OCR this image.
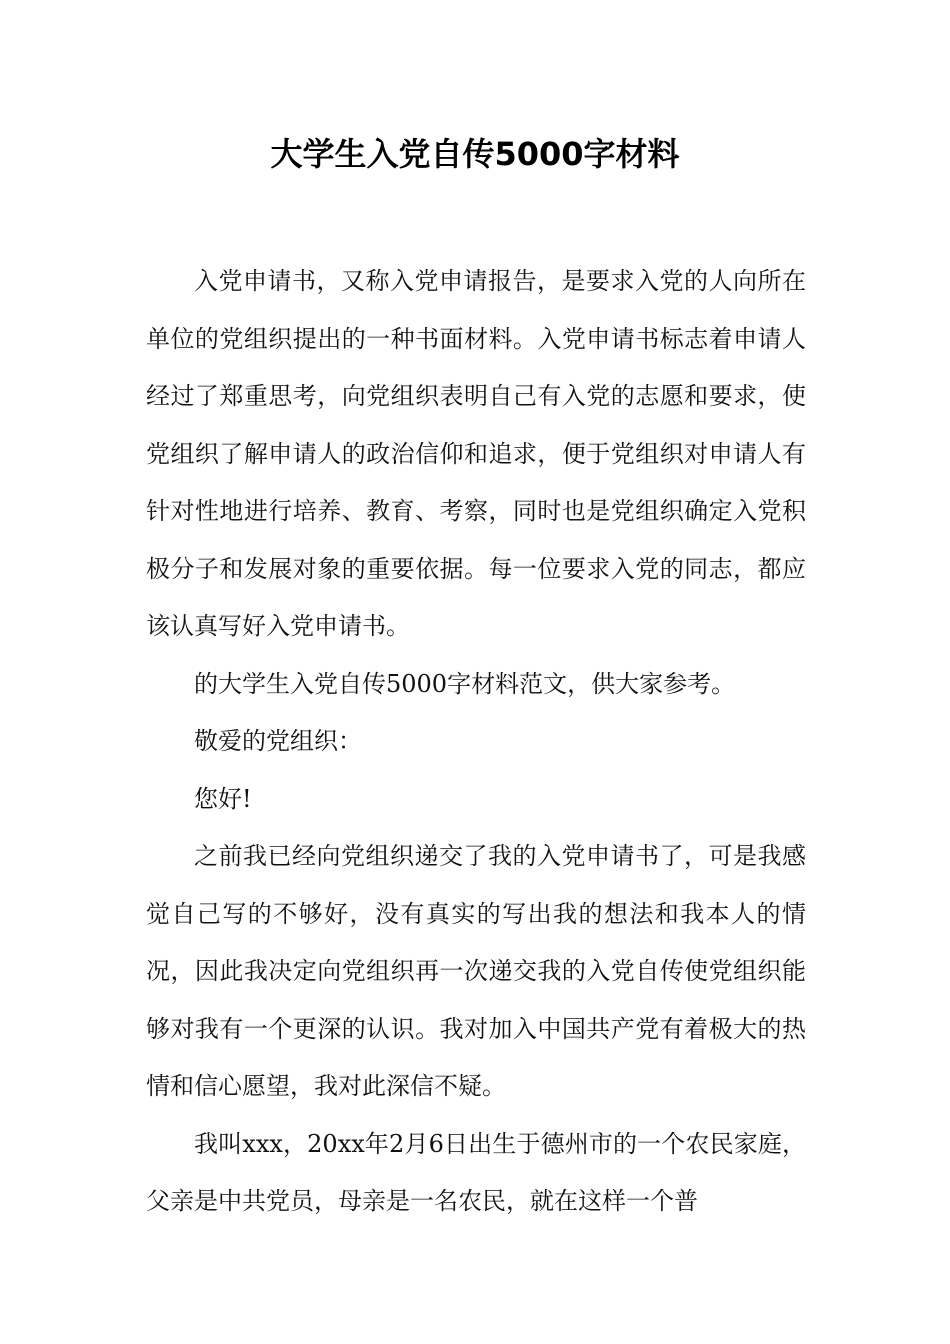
大学生入党自传5000字材料

入党申请书，又称入党申请报告，是要求入党的人向所在单位的党组织提出的一种书面材料。入党申请书标志着申请人经过了郑重思考，向党组织表明自己有入党的志愿和要求，使党组织了解申请人的政治信仰和追求，便于党组织对申请人有针对性地进行培养、教育、考察，同时也是党组织确定入党积极分子和发展对象的重要依据。每一位要求入党的同志，都应该认真写好入党申请书。

的大学生入党自传5000字材料范文，供大家参考。

敬爱的党组织：

您好!

之前我已经向党组织递交了我的入党申请书了，可是我感觉自己写的不够好，没有真实的写出我的想法和我本人的情况，因此我决定向党组织再一次递交我的入党自传使党组织能够对我有一个更深的认识。我对加入中国共产党有着极大的热情和信心愿望，我对此深信不疑。

我叫xxx，20xx年2月6日出生于德州市的一个农民家庭，父亲是中共党员，母亲是一名农民，就在这样一个普
